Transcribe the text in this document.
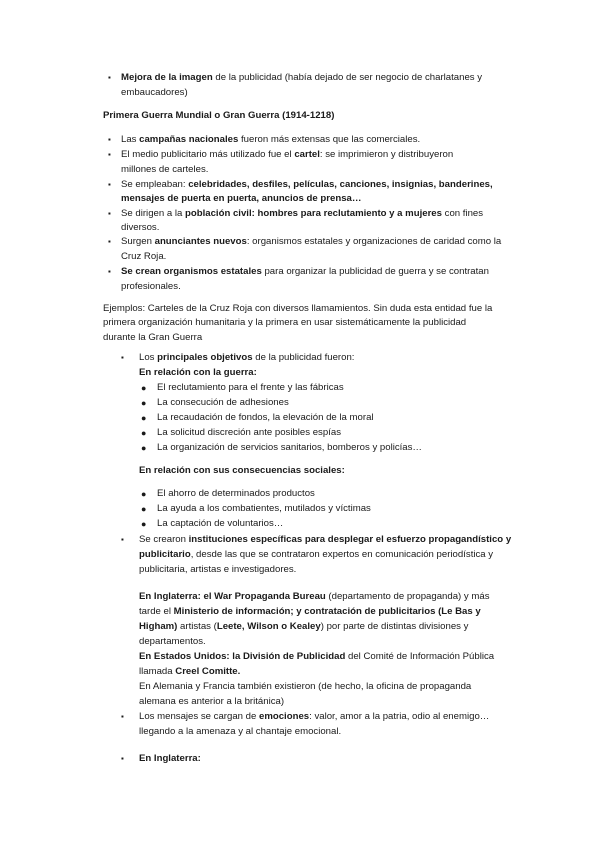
▪
▪
▪
▪
▪
▪
▪
▪
●
●
●
●
●
●
●
●
▪
▪
▪
Mejora de la imagen de la publicidad (había dejado de ser negocio de charlatanes y
embaucadores)
Primera Guerra Mundial o Gran Guerra (1914-1218)
Las campañas nacionales fueron más extensas que las comerciales.
El medio publicitario más utilizado fue el cartel: se imprimieron y distribuyeron
millones de carteles.
Se empleaban: celebridades, desfiles, películas, canciones, insignias, banderines,
mensajes de puerta en puerta, anuncios de prensa…
Se dirigen a la población civil: hombres para reclutamiento y a mujeres con fines
diversos.
Surgen anunciantes nuevos: organismos estatales y organizaciones de caridad como la
Cruz Roja.
Se crean organismos estatales para organizar la publicidad de guerra y se contratan
profesionales.
Ejemplos: Carteles de la Cruz Roja con diversos llamamientos. Sin duda esta entidad fue la
primera organización humanitaria y la primera en usar sistemáticamente la publicidad
durante la Gran Guerra
Los principales objetivos de la publicidad fueron:
En relación con la guerra:
El reclutamiento para el frente y las fábricas
La consecución de adhesiones
La recaudación de fondos, la elevación de la moral
La solicitud discreción ante posibles espías
La organización de servicios sanitarios, bomberos y policías…
En relación con sus consecuencias sociales:
El ahorro de determinados productos
La ayuda a los combatientes, mutilados y víctimas
La captación de voluntarios…
Se crearon instituciones específicas para desplegar el esfuerzo propagandístico y
publicitario, desde las que se contrataron expertos en comunicación periodística y
publicitaria, artistas e investigadores.
En Inglaterra: el War Propaganda Bureau (departamento de propaganda) y más
tarde el Ministerio de información; y contratación de publicitarios (Le Bas y
Higham) artistas (Leete, Wilson o Kealey) por parte de distintas divisiones y
departamentos.
En Estados Unidos: la División de Publicidad del Comité de Información Pública
llamada Creel Comitte.
En Alemania y Francia también existieron (de hecho, la oficina de propaganda
alemana es anterior a la británica)
Los mensajes se cargan de emociones: valor, amor a la patria, odio al enemigo…
llegando a la amenaza y al chantaje emocional.
En Inglaterra:
